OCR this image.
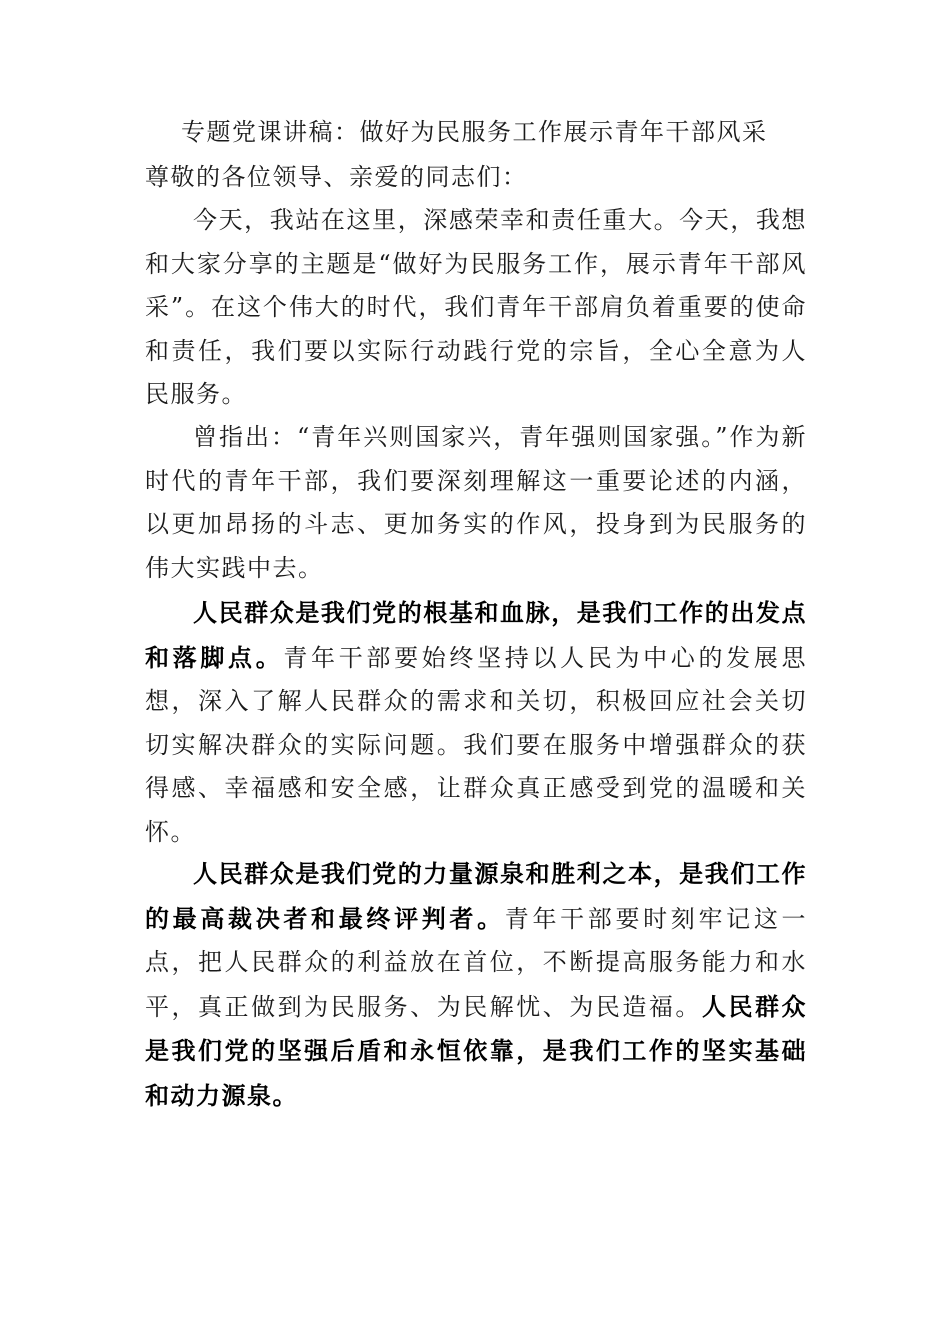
专题党课讲稿：做好为民服务工作展示青年干部风采
尊敬的各位领导、亲爱的同志们：

今天，我站在这里，深感荣幸和责任重大。今天，我想和大家分享的主题是“做好为民服务工作，展示青年干部风采”。在这个伟大的时代，我们青年干部肩负着重要的使命和责任，我们要以实际行动践行党的宗旨，全心全意为人民服务。

曾指出：“青年兴则国家兴，青年强则国家强。”作为新时代的青年干部，我们要深刻理解这一重要论述的内涵，以更加昂扬的斗志、更加务实的作风，投身到为民服务的伟大实践中去。

人民群众是我们党的根基和血脉，是我们工作的出发点和落脚点。青年干部要始终坚持以人民为中心的发展思想，深入了解人民群众的需求和关切，积极回应社会关切切实解决群众的实际问题。我们要在服务中增强群众的获得感、幸福感和安全感，让群众真正感受到党的温暖和关怀。

人民群众是我们党的力量源泉和胜利之本，是我们工作的最高裁决者和最终评判者。青年干部要时刻牢记这一点，把人民群众的利益放在首位，不断提高服务能力和水平，真正做到为民服务、为民解忧、为民造福。人民群众是我们党的坚强后盾和永恒依靠，是我们工作的坚实基础和动力源泉。
